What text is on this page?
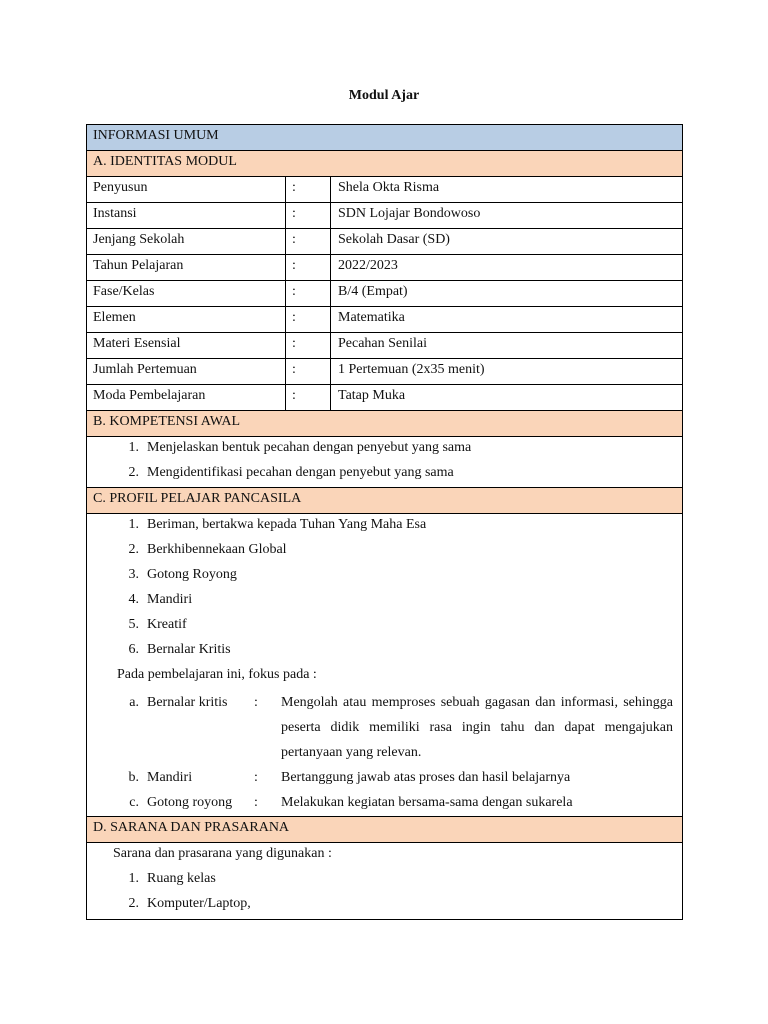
Modul Ajar
INFORMASI UMUM
A. IDENTITAS MODUL
Penyusun	:	Shela Okta Risma
Instansi	:	SDN Lojajar Bondowoso
Jenjang Sekolah	:	Sekolah Dasar (SD)
Tahun Pelajaran	:	2022/2023
Fase/Kelas	:	B/4 (Empat)
Elemen	:	Matematika
Materi Esensial	:	Pecahan Senilai
Jumlah Pertemuan	:	1 Pertemuan (2x35 menit)
Moda Pembelajaran	:	Tatap Muka
B. KOMPETENSI AWAL
1. Menjelaskan bentuk pecahan dengan penyebut yang sama
2. Mengidentifikasi pecahan dengan penyebut yang sama
C. PROFIL PELAJAR PANCASILA
1. Beriman, bertakwa kepada Tuhan Yang Maha Esa
2. Berkhibennekaan Global
3. Gotong Royong
4. Mandiri
5. Kreatif
6. Bernalar Kritis
Pada pembelajaran ini, fokus pada :
a. Bernalar kritis	:	Mengolah atau memproses sebuah gagasan dan informasi, sehingga peserta didik memiliki rasa ingin tahu dan dapat mengajukan pertanyaan yang relevan.
b. Mandiri	:	Bertanggung jawab atas proses dan hasil belajarnya
c. Gotong royong	:	Melakukan kegiatan bersama-sama dengan sukarela
D. SARANA DAN PRASARANA
Sarana dan prasarana yang digunakan :
1. Ruang kelas
2. Komputer/Laptop,
